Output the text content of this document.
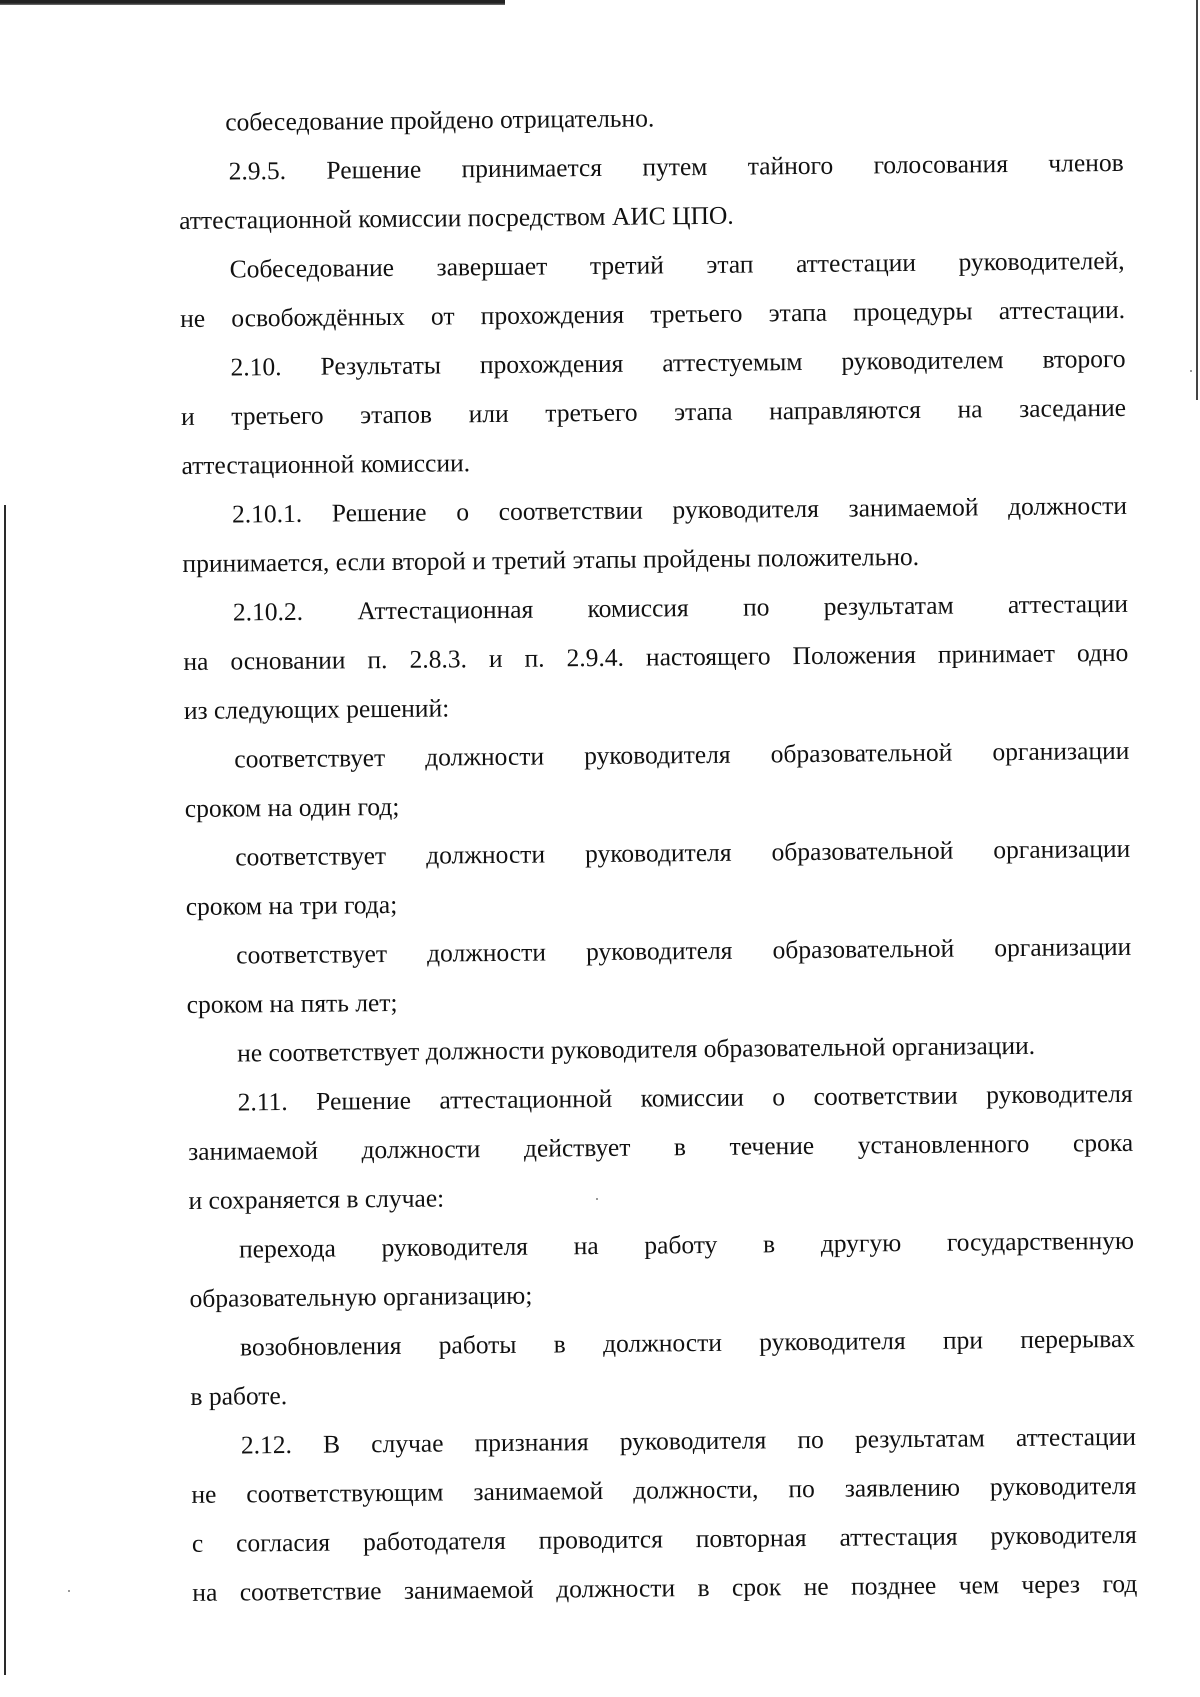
собеседование пройдено отрицательно.
2.9.5. Решение принимается путем тайного голосования членов
аттестационной комиссии посредством АИС ЦПО.
Собеседование завершает третий этап аттестации руководителей,
не освобождённых от прохождения третьего этапа процедуры аттестации.
2.10. Результаты прохождения аттестуемым руководителем второго
и третьего этапов или третьего этапа направляются на заседание
аттестационной комиссии.
2.10.1. Решение о соответствии руководителя занимаемой должности
принимается, если второй и третий этапы пройдены положительно.
2.10.2. Аттестационная комиссия по результатам аттестации
на основании п. 2.8.3. и п. 2.9.4. настоящего Положения принимает одно
из следующих решений:
соответствует должности руководителя образовательной организации
сроком на один год;
соответствует должности руководителя образовательной организации
сроком на три года;
соответствует должности руководителя образовательной организации
сроком на пять лет;
не соответствует должности руководителя образовательной организации.
2.11. Решение аттестационной комиссии о соответствии руководителя
занимаемой должности действует в течение установленного срока
и сохраняется в случае:
перехода руководителя на работу в другую государственную
образовательную организацию;
возобновления работы в должности руководителя при перерывах
в работе.
2.12. В случае признания руководителя по результатам аттестации
не соответствующим занимаемой должности, по заявлению руководителя
с согласия работодателя проводится повторная аттестация руководителя
на соответствие занимаемой должности в срок не позднее чем через год
